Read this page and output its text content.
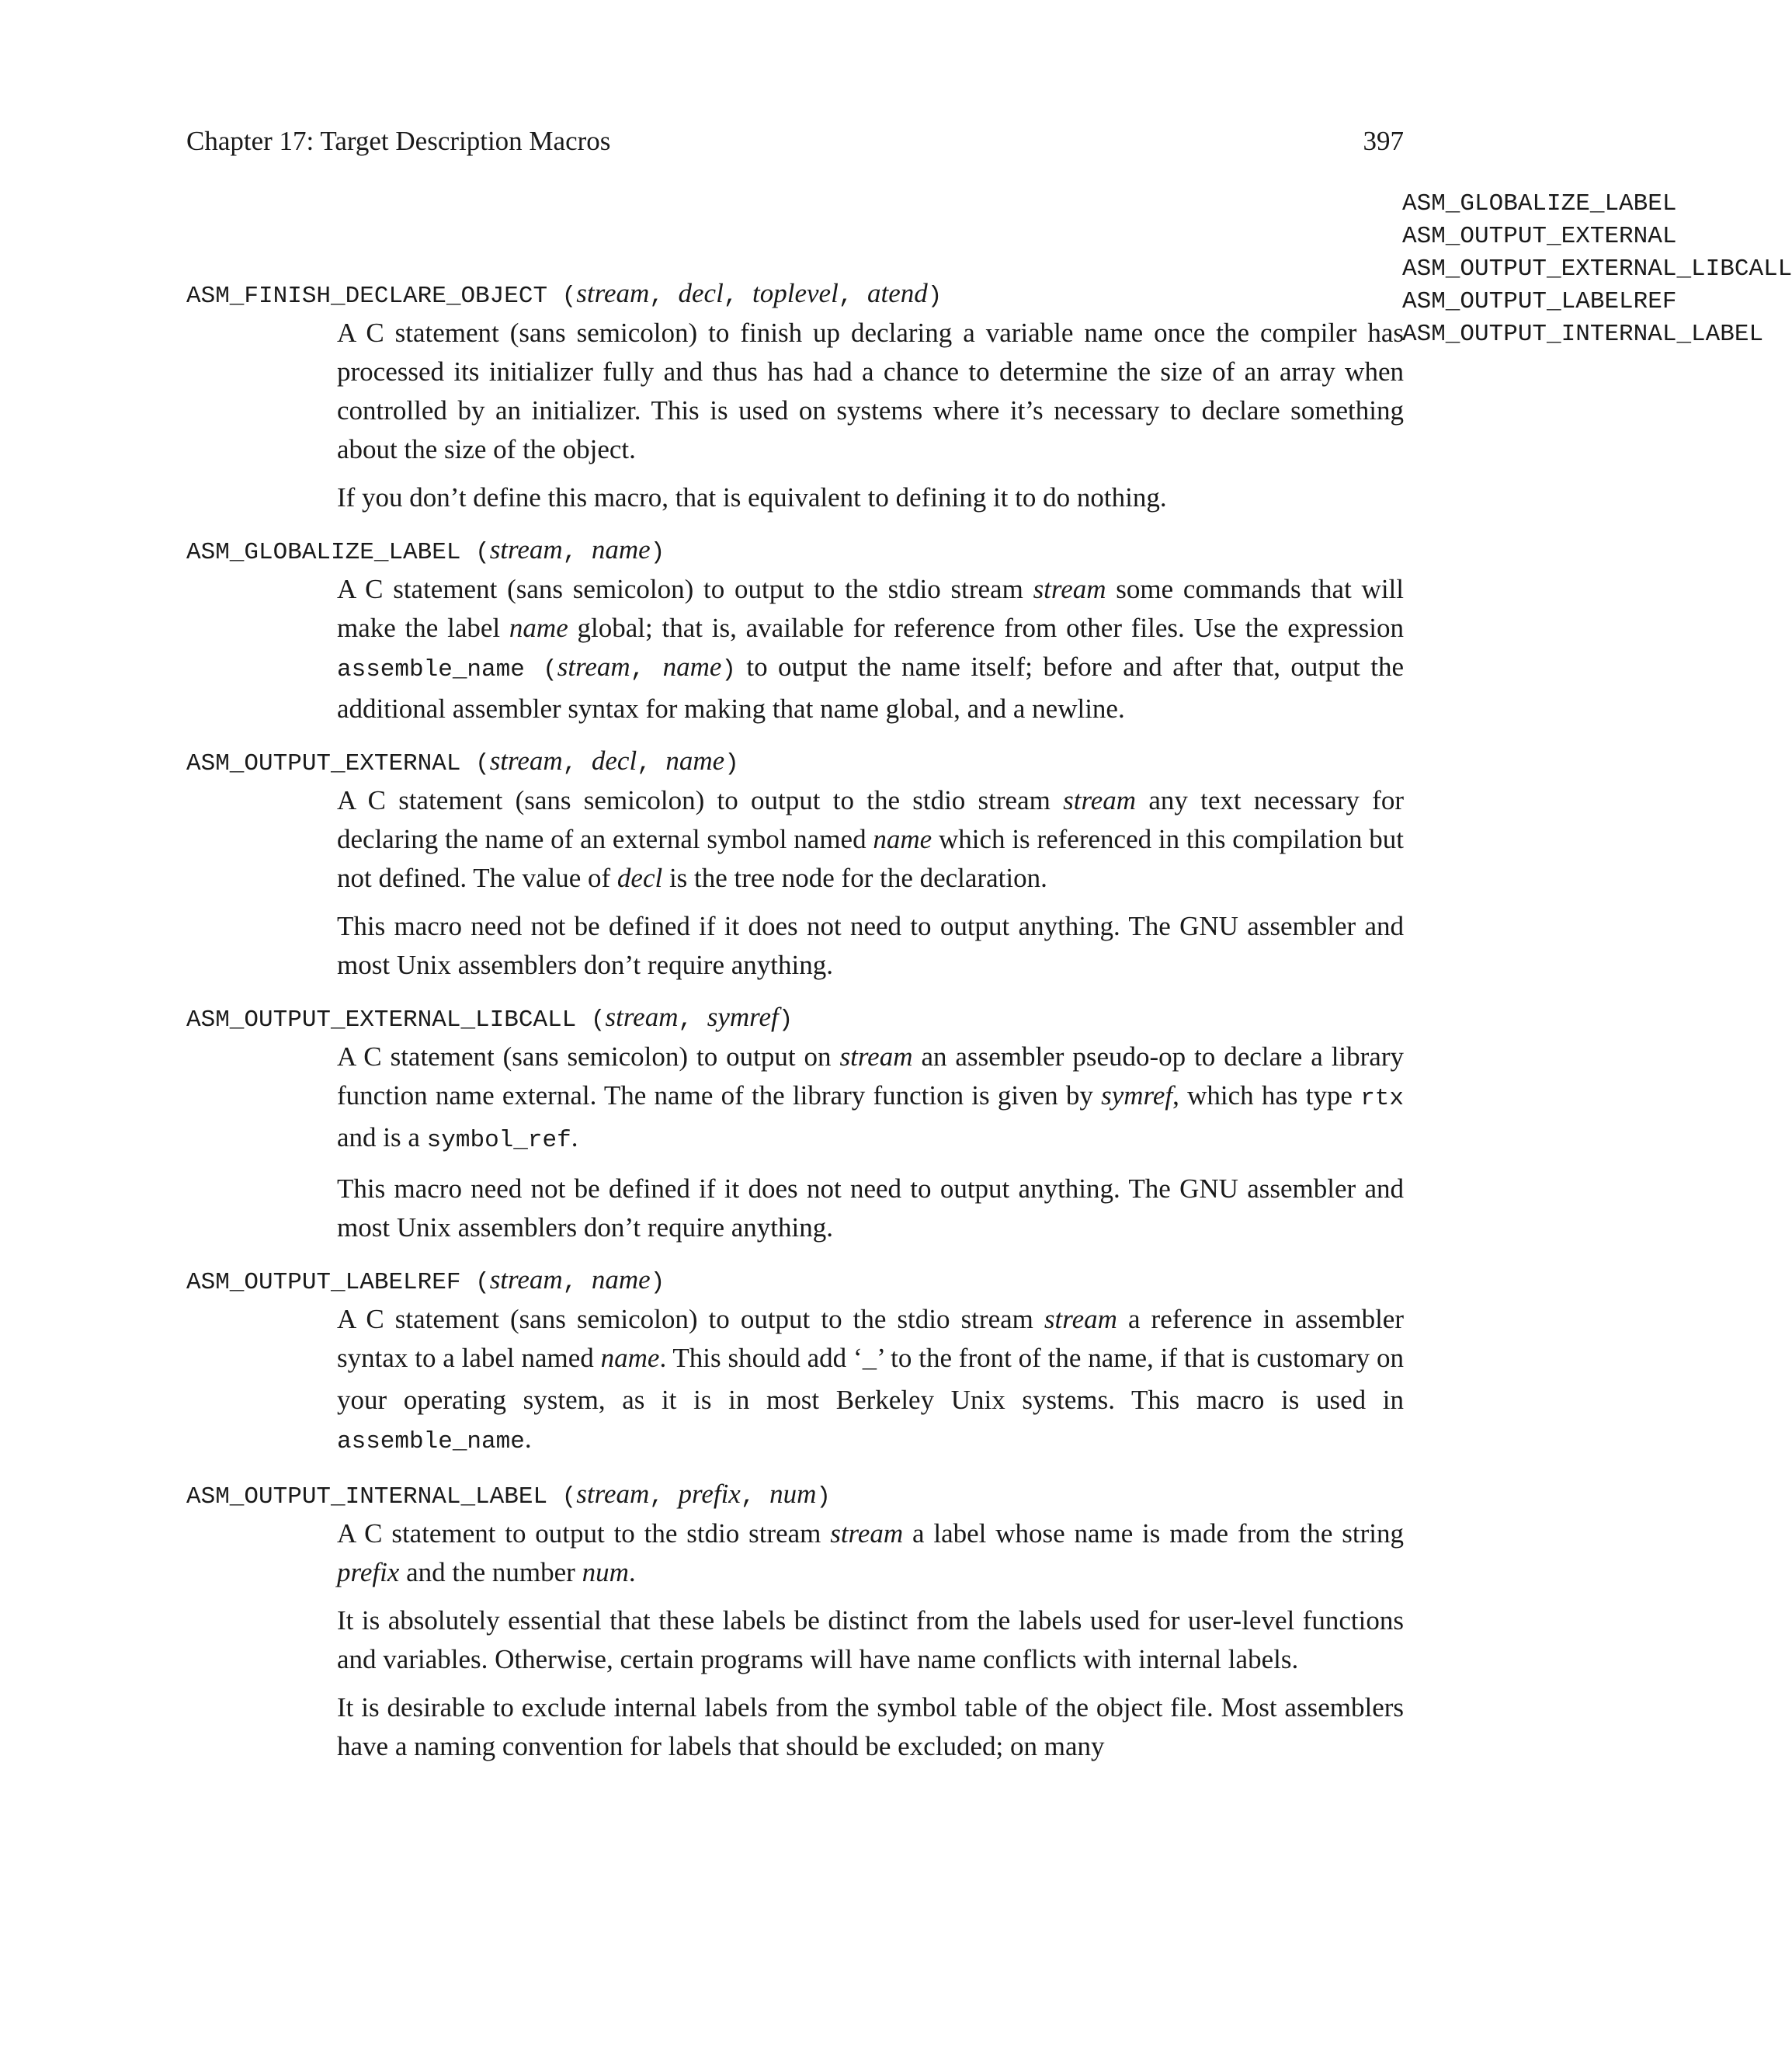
Chapter 17: Target Description Macros	397
ASM_GLOBALIZE_LABEL
ASM_OUTPUT_EXTERNAL
ASM_OUTPUT_EXTERNAL_LIBCALL
ASM_OUTPUT_LABELREF
ASM_OUTPUT_INTERNAL_LABEL
ASM_FINISH_DECLARE_OBJECT (stream, decl, toplevel, atend)

A C statement (sans semicolon) to finish up declaring a variable name once the compiler has processed its initializer fully and thus has had a chance to determine the size of an array when controlled by an initializer. This is used on systems where it’s necessary to declare something about the size of the object.

If you don’t define this macro, that is equivalent to defining it to do nothing.

ASM_GLOBALIZE_LABEL (stream, name)

A C statement (sans semicolon) to output to the stdio stream stream some commands that will make the label name global; that is, available for reference from other files. Use the expression assemble_name (stream, name) to output the name itself; before and after that, output the additional assembler syntax for making that name global, and a newline.

ASM_OUTPUT_EXTERNAL (stream, decl, name)

A C statement (sans semicolon) to output to the stdio stream stream any text necessary for declaring the name of an external symbol named name which is referenced in this compilation but not defined. The value of decl is the tree node for the declaration.

This macro need not be defined if it does not need to output anything. The GNU assembler and most Unix assemblers don’t require anything.

ASM_OUTPUT_EXTERNAL_LIBCALL (stream, symref)

A C statement (sans semicolon) to output on stream an assembler pseudo-op to declare a library function name external. The name of the library function is given by symref, which has type rtx and is a symbol_ref.

This macro need not be defined if it does not need to output anything. The GNU assembler and most Unix assemblers don’t require anything.

ASM_OUTPUT_LABELREF (stream, name)

A C statement (sans semicolon) to output to the stdio stream stream a reference in assembler syntax to a label named name. This should add ‘_’ to the front of the name, if that is customary on your operating system, as it is in most Berkeley Unix systems. This macro is used in assemble_name.

ASM_OUTPUT_INTERNAL_LABEL (stream, prefix, num)

A C statement to output to the stdio stream stream a label whose name is made from the string prefix and the number num.

It is absolutely essential that these labels be distinct from the labels used for user-level functions and variables. Otherwise, certain programs will have name conflicts with internal labels.

It is desirable to exclude internal labels from the symbol table of the object file. Most assemblers have a naming convention for labels that should be excluded; on many
